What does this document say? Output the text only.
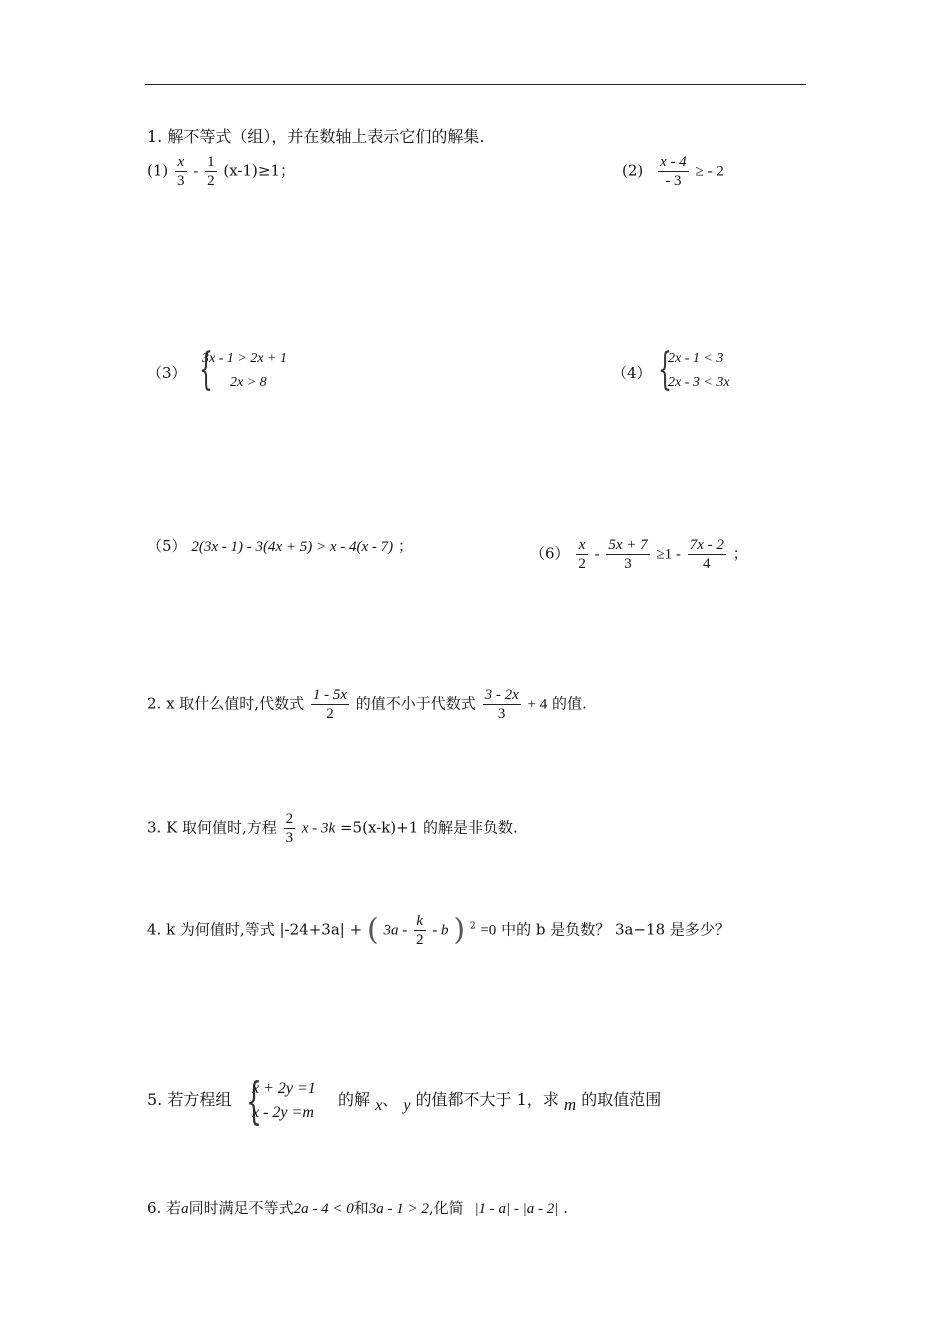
1. 解不等式（组），并在数轴上表示它们的解集.
$(1) \frac{x}{3} - \frac{1}{2} (x-1)\ge 1$；	$(2) \frac{x - 4}{- 3}$ ≥ - 2
（3） {
3x - 1 > 2x + 1
2x > 8
（4） {
2x - 1 < 3
2x - 3 < 3x
（5） 2(3x - 1) - 3(4x + 5) > x - 4(x - 7) ；	$(6) \frac{x}{2} - \frac{5x + 7}{3} \ge 1 - \frac{7x - 2}{4}$ ；
2. x 取什么值时,代数式 $\frac{1 - 5x}{2}$ 的值不小于代数式 $\frac{3 - 2x}{3} + 4$ 的值.
3. K 取何值时,方程 $\frac{2}{3}$ x - 3k =5(x-k)+1 的解是非负数.
4. k 为何值时,等式 |-24+3a| + ( $3a - \frac{k}{2}$ - b ) $^2$ =0 中的 b 是负数？ 3a−18 是多少？
5. 若方程组 {
x + 2y =1
x - 2y =m
的解 x、 y 的值都不大于 1，求 m 的取值范围
6. 若a同时满足不等式2a - 4 < 0和3a - 1 > 2,化简 |1 - a| - |a - 2| .
